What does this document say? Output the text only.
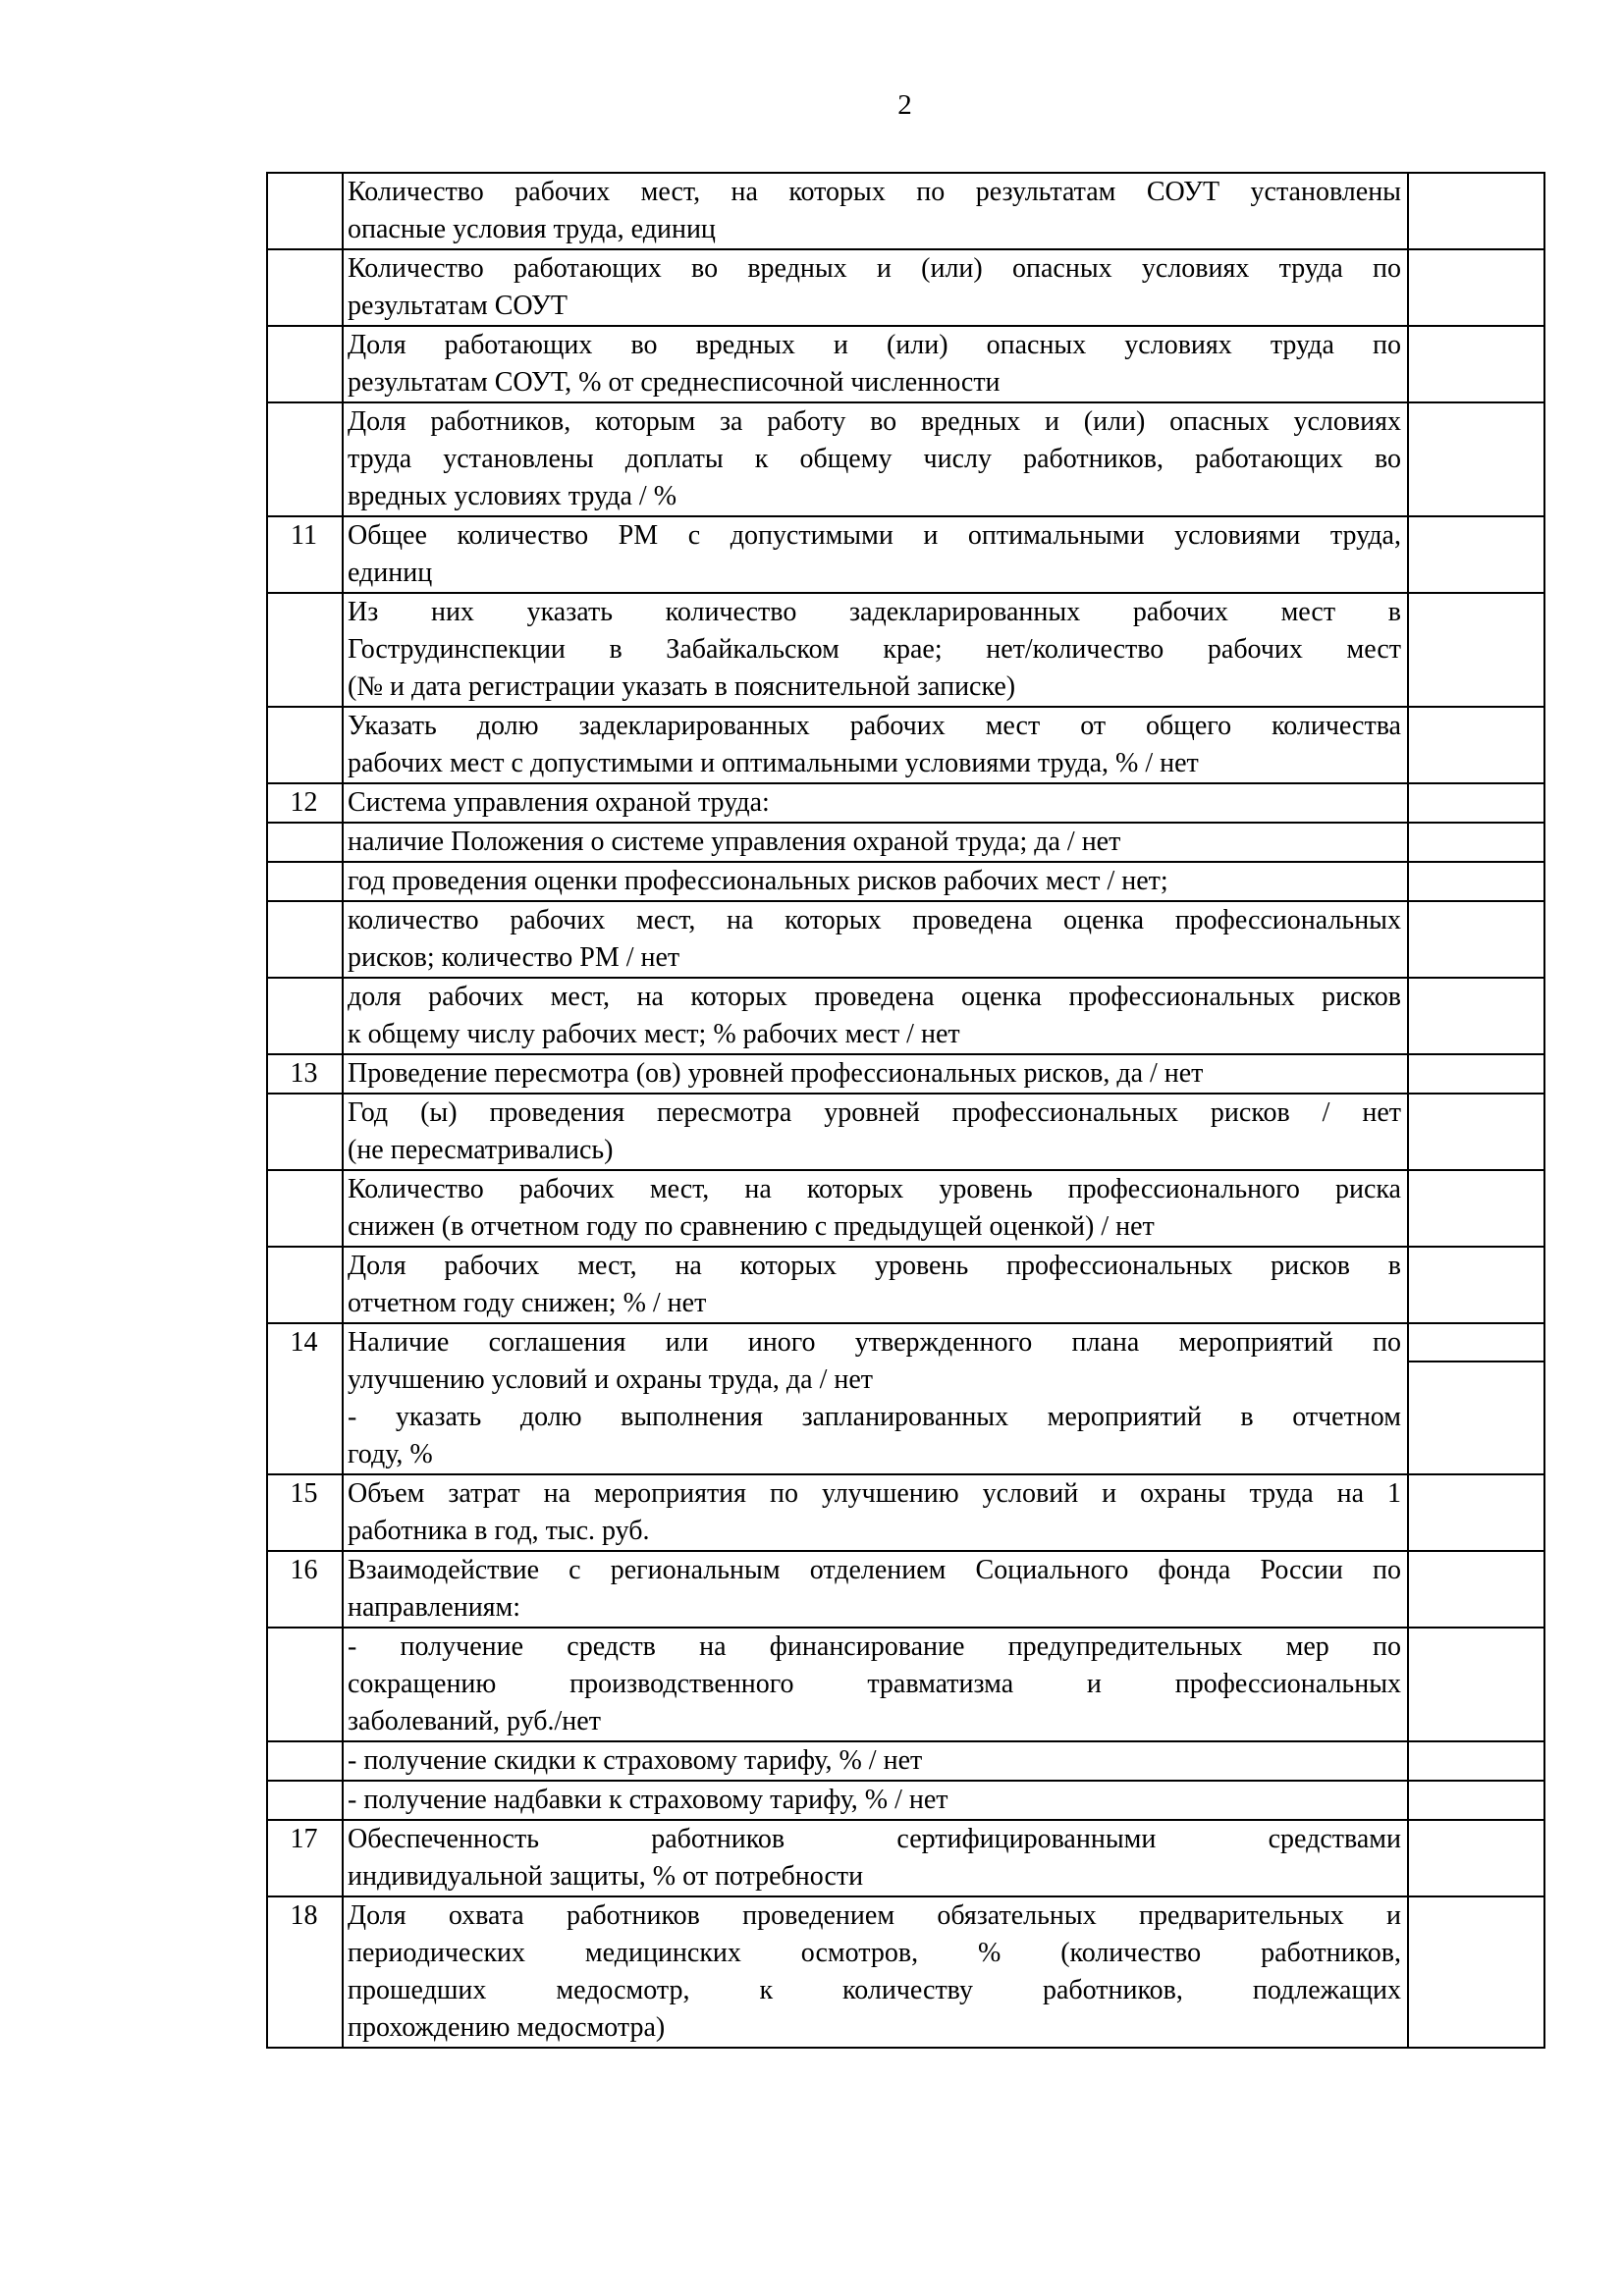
2

	Количество рабочих мест, на которых по результатам СОУТ установлены
опасные условия труда, единиц	

	Количество работающих во вредных и (или) опасных условиях труда по
результатам СОУТ	

	Доля работающих во вредных и (или) опасных условиях труда по
результатам СОУТ, % от среднесписочной численности	

	Доля работников, которым за работу во вредных и (или) опасных условиях
труда установлены доплаты к общему числу работников, работающих во
вредных условиях труда / %	

11	Общее количество РМ с допустимыми и оптимальными условиями труда,
единиц	

	Из них указать количество задекларированных рабочих мест в
Гострудинспекции в Забайкальском крае; нет/количество рабочих мест
(№ и дата регистрации указать в пояснительной записке)	

	Указать долю задекларированных рабочих мест от общего количества
рабочих мест с допустимыми и оптимальными условиями труда, % / нет	

12	Система управления охраной труда:	

	наличие Положения о системе управления охраной труда; да / нет	

	год проведения оценки профессиональных рисков рабочих мест / нет;	

	количество рабочих мест, на которых проведена оценка профессиональных
рисков; количество РМ / нет	

	доля рабочих мест, на которых проведена оценка профессиональных рисков
к общему числу рабочих мест; % рабочих мест / нет	

13	Проведение пересмотра (ов) уровней профессиональных рисков, да / нет	

	Год (ы) проведения пересмотра уровней профессиональных рисков / нет
(не пересматривались)	

	Количество рабочих мест, на которых уровень профессионального риска
снижен (в отчетном году по сравнению с предыдущей оценкой) / нет	

	Доля рабочих мест, на которых уровень профессиональных рисков в
отчетном году снижен; % / нет	

14	Наличие соглашения или иного утвержденного плана мероприятий по
улучшению условий и охраны труда, да / нет
- указать долю выполнения запланированных мероприятий в отчетном
году, %	

15	Объем затрат на мероприятия по улучшению условий и охраны труда на 1
работника в год, тыс. руб.	

16	Взаимодействие с региональным отделением Социального фонда России по
направлениям:	

	- получение средств на финансирование предупредительных мер по
сокращению производственного травматизма и профессиональных
заболеваний, руб./нет	

	- получение скидки к страховому тарифу, % / нет	

	- получение надбавки к страховому тарифу, % / нет	

17	Обеспеченность работников сертифицированными средствами
индивидуальной защиты, % от потребности	

18	Доля охвата работников проведением обязательных предварительных и
периодических медицинских осмотров, % (количество работников,
прошедших медосмотр, к количеству работников, подлежащих
прохождению медосмотра)	
